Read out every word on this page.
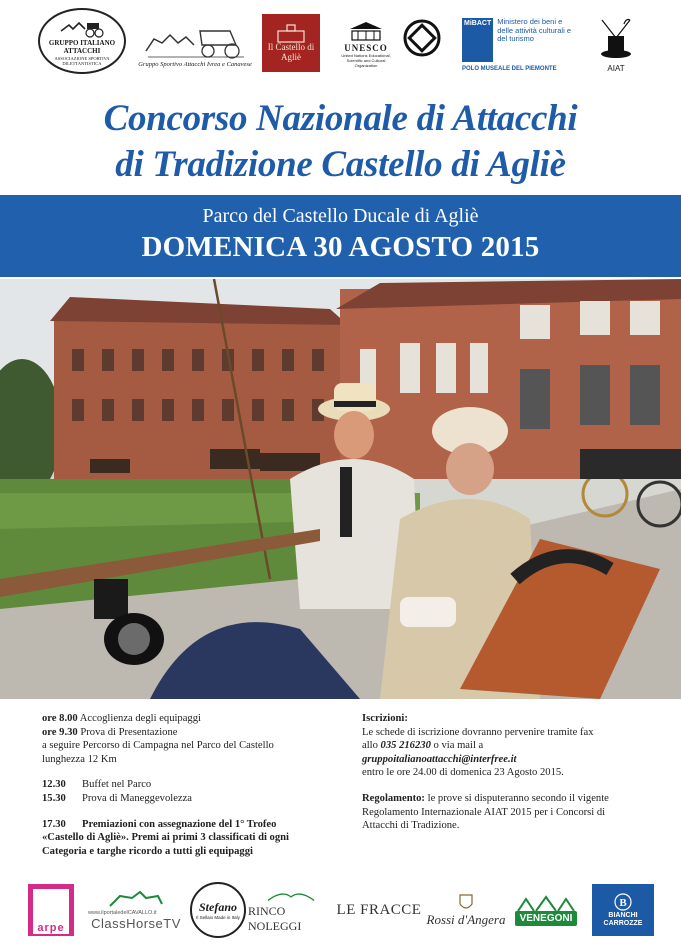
GRUPPO ITALIANO ATTACCHI
ASSOCIAZIONE SPORTIVA DILETTANTISTICA	Gruppo Sportivo Attacchi Ivrea e Canavese
Il Castello di Agliè
UNESCO
United Nations Educational, Scientific and Cultural Organization
MiBACT Ministero dei beni e delle attività culturali e del turismo
POLO MUSEALE DEL PIEMONTE	AIAT
Concorso Nazionale di Attacchi
di Tradizione Castello di Agliè
Parco del Castello Ducale di Agliè
DOMENICA 30 AGOSTO 2015
ore 8.00 Accoglienza degli equipaggi
ore 9.30 Prova di Presentazione
a seguire Percorso di Campagna nel Parco del Castello
lunghezza 12 Km
12.30 Buffet nel Parco
15.30 Prova di Maneggevolezza
17.30 Premiazioni con assegnazione del 1° Trofeo
«Castello di Agliè». Premi ai primi 3 classificati di ogni
Categoria e targhe ricordo a tutti gli equipaggi
Iscrizioni:
Le schede di iscrizione dovranno pervenire tramite fax
allo 035 216230 o via mail a
gruppoitalianoattacchi@interfree.it
entro le ore 24.00 di domenica 23 Agosto 2015.
Regolamento: le prove si disputeranno secondo il vigente
Regolamento Internazionale AIAT 2015 per i Concorsi di
Attacchi di Tradizione.
arpe
www.ilportaledelCAVALLO.it
ClassHorseTV
Stefano
Il Sellaio Made in Italy RINCO NOLEGGI
LE FRACCE
Rossi d'Angera	VENEGONI
B
BIANCHI CARROZZE
